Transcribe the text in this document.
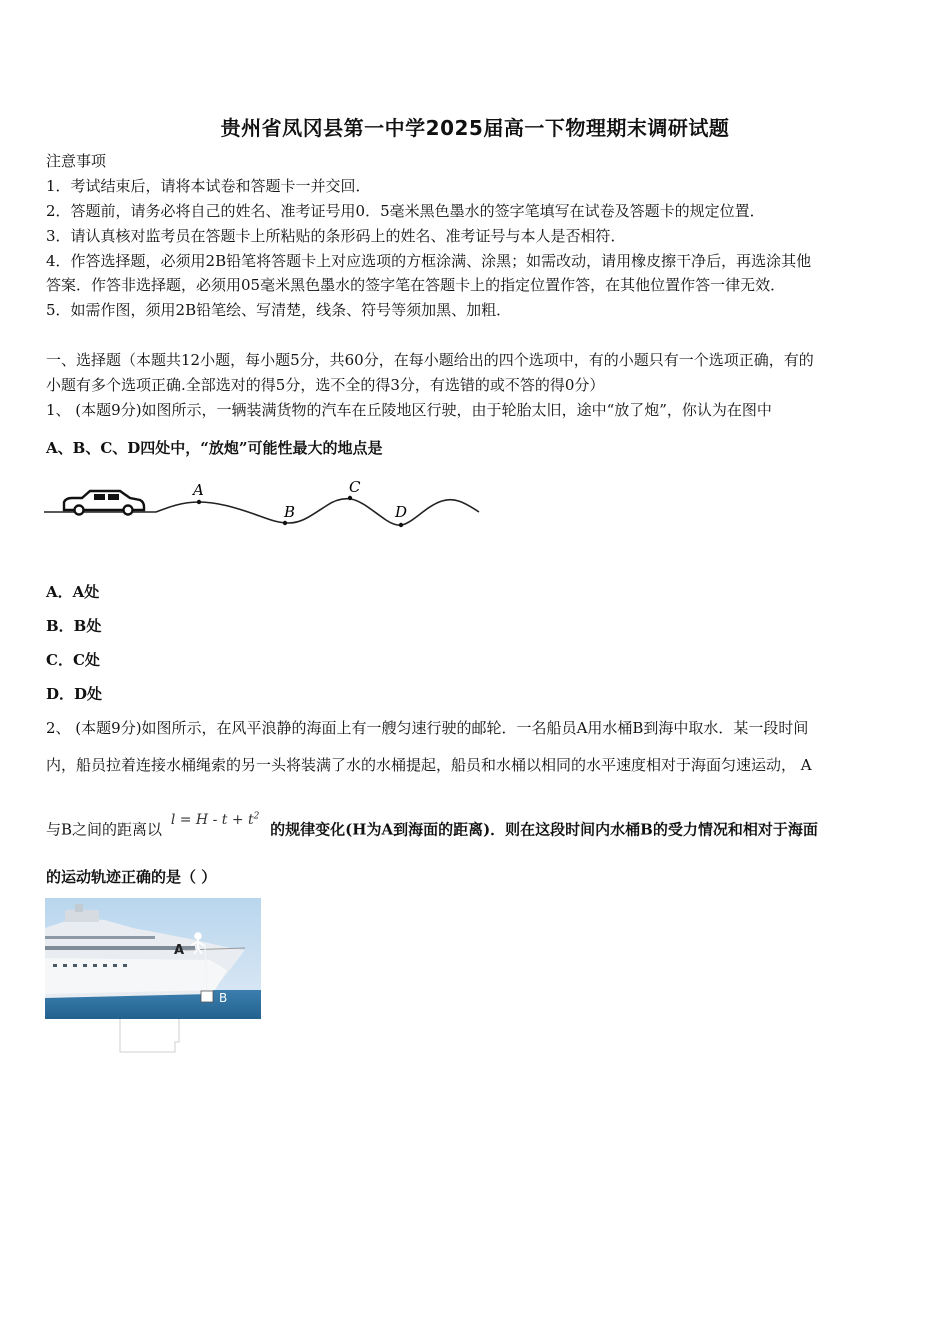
贵州省凤冈县第一中学2025届高一下物理期末调研试题
注意事项
1．考试结束后，请将本试卷和答题卡一并交回．
2．答题前，请务必将自己的姓名、准考证号用0．5毫米黑色墨水的签字笔填写在试卷及答题卡的规定位置．
3．请认真核对监考员在答题卡上所粘贴的条形码上的姓名、准考证号与本人是否相符．
4．作答选择题，必须用2B铅笔将答题卡上对应选项的方框涂满、涂黑；如需改动，请用橡皮擦干净后，再选涂其他
答案．作答非选择题，必须用05毫米黑色墨水的签字笔在答题卡上的指定位置作答，在其他位置作答一律无效．
5．如需作图，须用2B铅笔绘、写清楚，线条、符号等须加黑、加粗．
一、选择题（本题共12小题，每小题5分，共60分，在每小题给出的四个选项中，有的小题只有一个选项正确，有的
小题有多个选项正确.全部选对的得5分，选不全的得3分，有选错的或不答的得0分）
1、 (本题9分)如图所示，一辆装满货物的汽车在丘陵地区行驶，由于轮胎太旧，途中“放了炮”，你认为在图中
A、B、C、D四处中，“放炮”可能性最大的地点是
A
B
C
D
A．A处
B．B处
C．C处
D．D处
2、 (本题9分)如图所示，在风平浪静的海面上有一艘匀速行驶的邮轮．一名船员A用水桶B到海中取水．某一段时间
内，船员拉着连接水桶绳索的另一头将装满了水的水桶提起，船员和水桶以相同的水平速度相对于海面匀速运动， A
与B之间的距离以 $l = H - t + t^2$ 的规律变化(H为A到海面的距离)．则在这段时间内水桶B的受力情况和相对于海面
的运动轨迹正确的是（ ）
A
B
